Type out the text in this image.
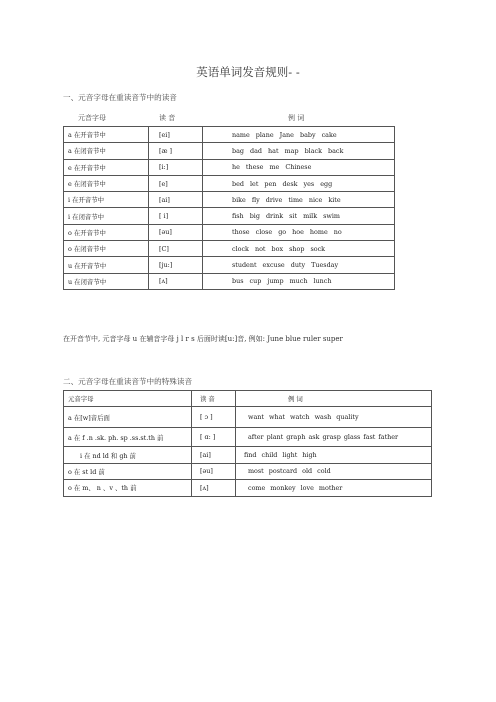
英语单词发音规则- -
一、元音字母在重读音节中的读音
元音字母	读 音	例 词
a 在开音节中	[ei]	name plane Jane baby cake
a 在闭音节中	[æ ]	bag dad hat map black back
e 在开音节中	[i:]	he these me Chinese
e 在闭音节中	[e]	bed let pen desk yes egg
i 在开音节中	[ai]	bike fly drive time nice kite
i 在闭音节中	[ i]	fish big drink sit milk swim
o 在开音节中	[əu]	those close go hoe home no
o 在闭音节中	[C]	clock not box shop sock
u 在开音节中	[ju:]	student excuse duty Tuesday
u 在闭音节中	[ʌ]	bus cup jump much lunch
在开音节中, 元音字母 u 在辅音字母 j l r s 后面时读[u:]音, 例如: June blue ruler super
二、元音字母在重读音节中的特殊读音
元音字母	读 音	例 词
a 在[w]音后面	[ ɔ ]	want what watch wash quality
a 在 f .n .sk. ph. sp .ss.st.th 前	[ ɑ: ]	after plant graph ask grasp glass fast father
i 在 nd ld 和 gh 前	[ai]	find child light high
o 在 st ld 前	[əu]	most postcard old cold
o 在 m、 n 、v 、th 前	[ʌ]	come monkey love mother
